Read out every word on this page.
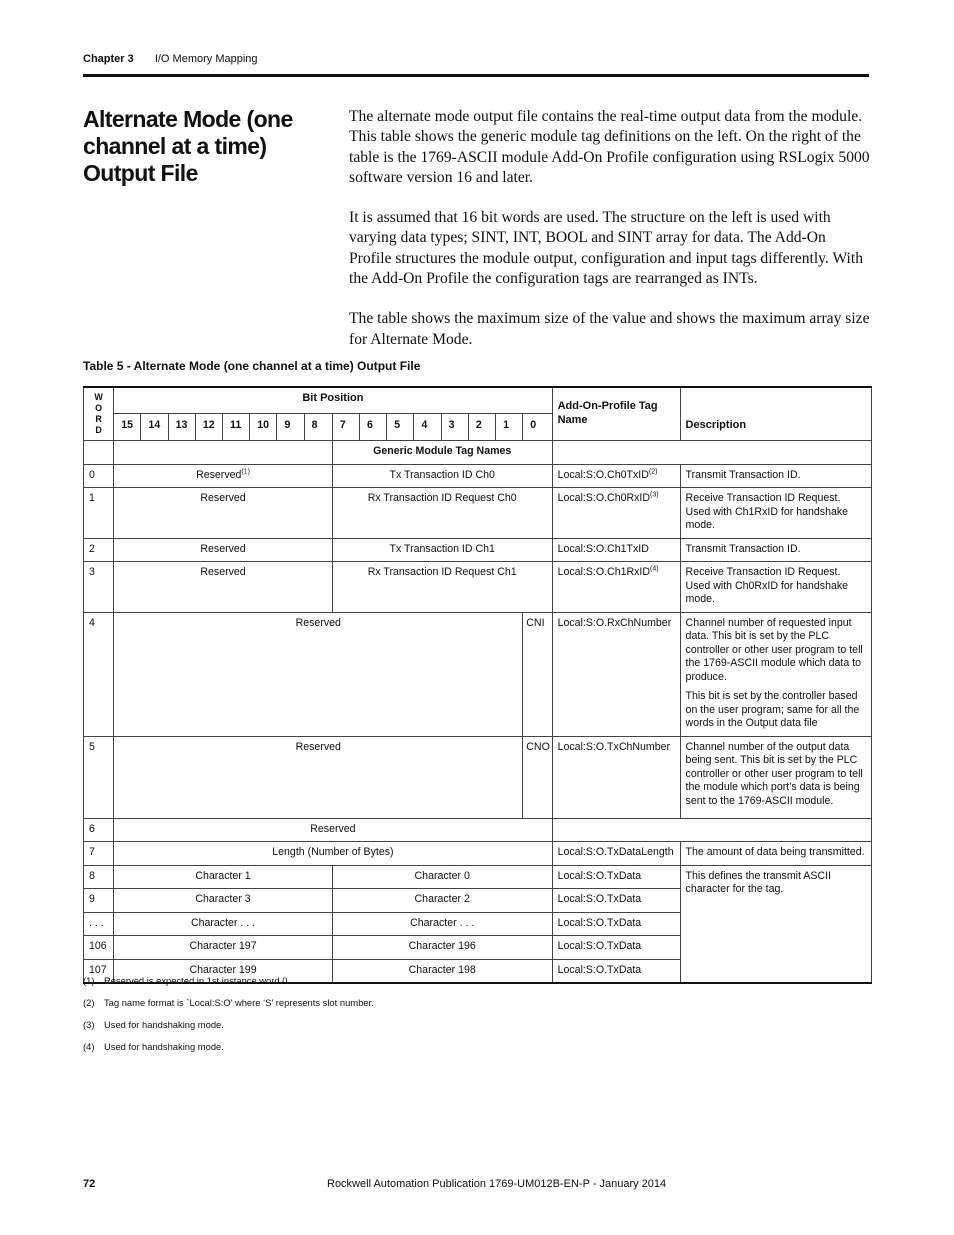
Chapter 3 I/O Memory Mapping
Alternate Mode (one channel at a time) Output File

The alternate mode output file contains the real-time output data from the module. This table shows the generic module tag definitions on the left. On the right of the table is the 1769-ASCII module Add-On Profile configuration using RSLogix 5000 software version 16 and later.

It is assumed that 16 bit words are used. The structure on the left is used with varying data types; SINT, INT, BOOL and SINT array for data. The Add-On Profile structures the module output, configuration and input tags differently. With the Add-On Profile the configuration tags are rearranged as INTs.

The table shows the maximum size of the value and shows the maximum array size for Alternate Mode.

Table 5 - Alternate Mode (one channel at a time) Output File
W
O
R
D	Bit Position																Add-On-Profile Tag Name	Description
	15	14	13	12	11	10	9	8	7	6	5	4	3	2	1	0		
									Generic Module Tag Names									
0	Reserved$^{(1)}$								Tx Transaction ID Ch0								Local:S:O.Ch0TxID$^{(2)}$	Transmit Transaction ID.
1	Reserved								Rx Transaction ID Request Ch0								Local:S:O.Ch0RxID$^{(3)}$	Receive Transaction ID Request. Used with Ch1RxID for handshake mode.
2	Reserved								Tx Transaction ID Ch1								Local:S:O.Ch1TxID	Transmit Transaction ID.
3	Reserved								Rx Transaction ID Request Ch1								Local:S:O.Ch1RxID$^{(4)}$	Receive Transaction ID Request. Used with Ch0RxID for handshake mode.
4	Reserved															CNI	Local:S:O.RxChNumber	Channel number of requested input data. This bit is set by the PLC controller or other user program to tell the 1769-ASCII module which data to produce.

This bit is set by the controller based on the user program; same for all the words in the Output data file

5	Reserved															CNO	Local:S:O.TxChNumber	Channel number of the output data being sent. This bit is set by the PLC controller or other user program to tell the module which port’s data is being sent to the 1769-ASCII module.
6	Reserved																	
7	Length (Number of Bytes)																Local:S:O.TxDataLength	The amount of data being transmitted.
8	Character 1								Character 0								Local:S:O.TxData	This defines the transmit ASCII character for the tag.
9	Character 3								Character 2								Local:S:O.TxData	
. . .	Character . . .								Character . . .								Local:S:O.TxData	
106	Character 197								Character 196								Local:S:O.TxData	
107	Character 199								Character 198								Local:S:O.TxData	
(1) Reserved is expected in 1st instance word 0.
(2) Tag name format is `Local:S:O’ where ‘S’ represents slot number.
(3) Used for handshaking mode.
(4) Used for handshaking mode.
72	Rockwell Automation Publication 1769-UM012B-EN-P - January 2014
